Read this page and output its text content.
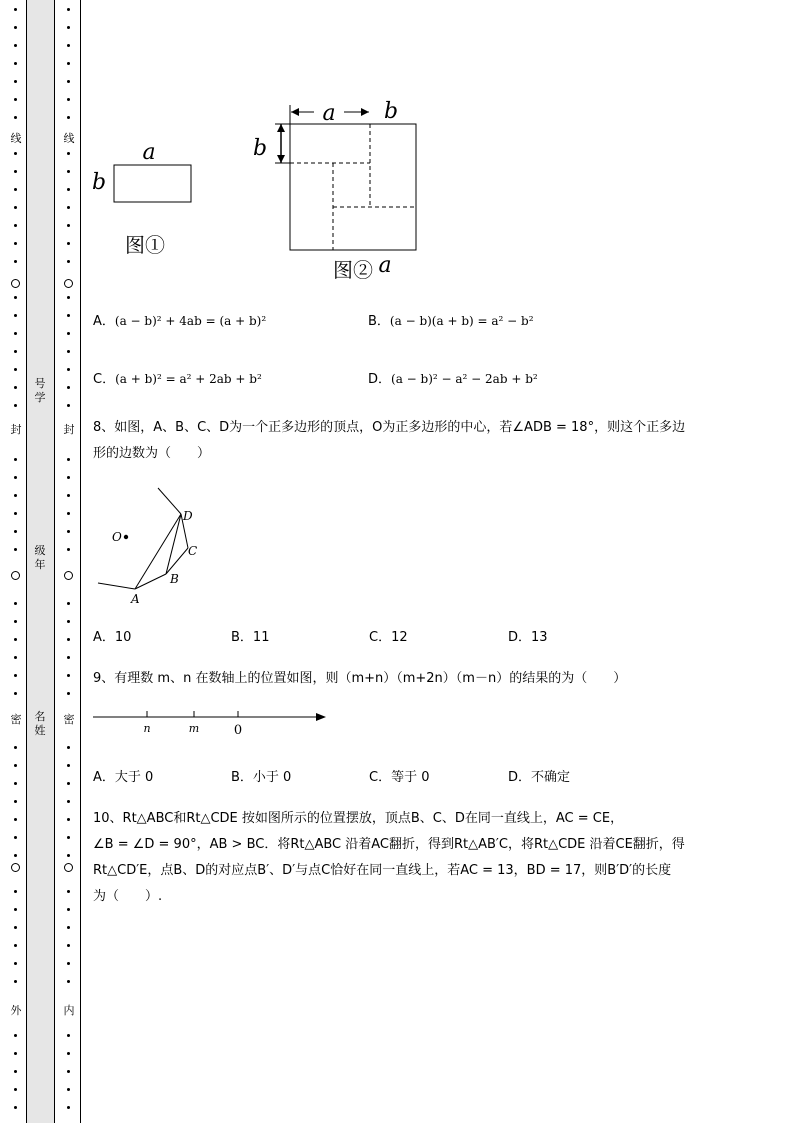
线
封
密
外
线
封
密
内
号学
级年
名姓
a
b
图①
a b
b
图② a
A．(a − b)² + 4ab = (a + b)²	B．(a − b)(a + b) = a² − b²
C．(a + b)² = a² + 2ab + b²	D．(a − b)² − a² − 2ab + b²
8、如图，A、B、C、D为一个正多边形的顶点，O为正多边形的中心，若∠ADB = 18°，则这个正多边
形的边数为（　　）
O
D
C
B
A
A．10	B．11	C．12	D．13
9、有理数 m、n 在数轴上的位置如图，则（m+n）（m+2n）（m－n）的结果的为（　　）
n	m	0
A．大于 0	B．小于 0	C．等于 0	D．不确定
10、Rt△ABC和Rt△CDE 按如图所示的位置摆放，顶点B、C、D在同一直线上，AC = CE，
∠B = ∠D = 90°，AB > BC．将Rt△ABC 沿着AC翻折，得到Rt△AB′C，将Rt△CDE 沿着CE翻折，得
Rt△CD′E，点B、D的对应点B′、D′与点C恰好在同一直线上，若AC = 13，BD = 17，则B′D′的长度
为（　　）.
